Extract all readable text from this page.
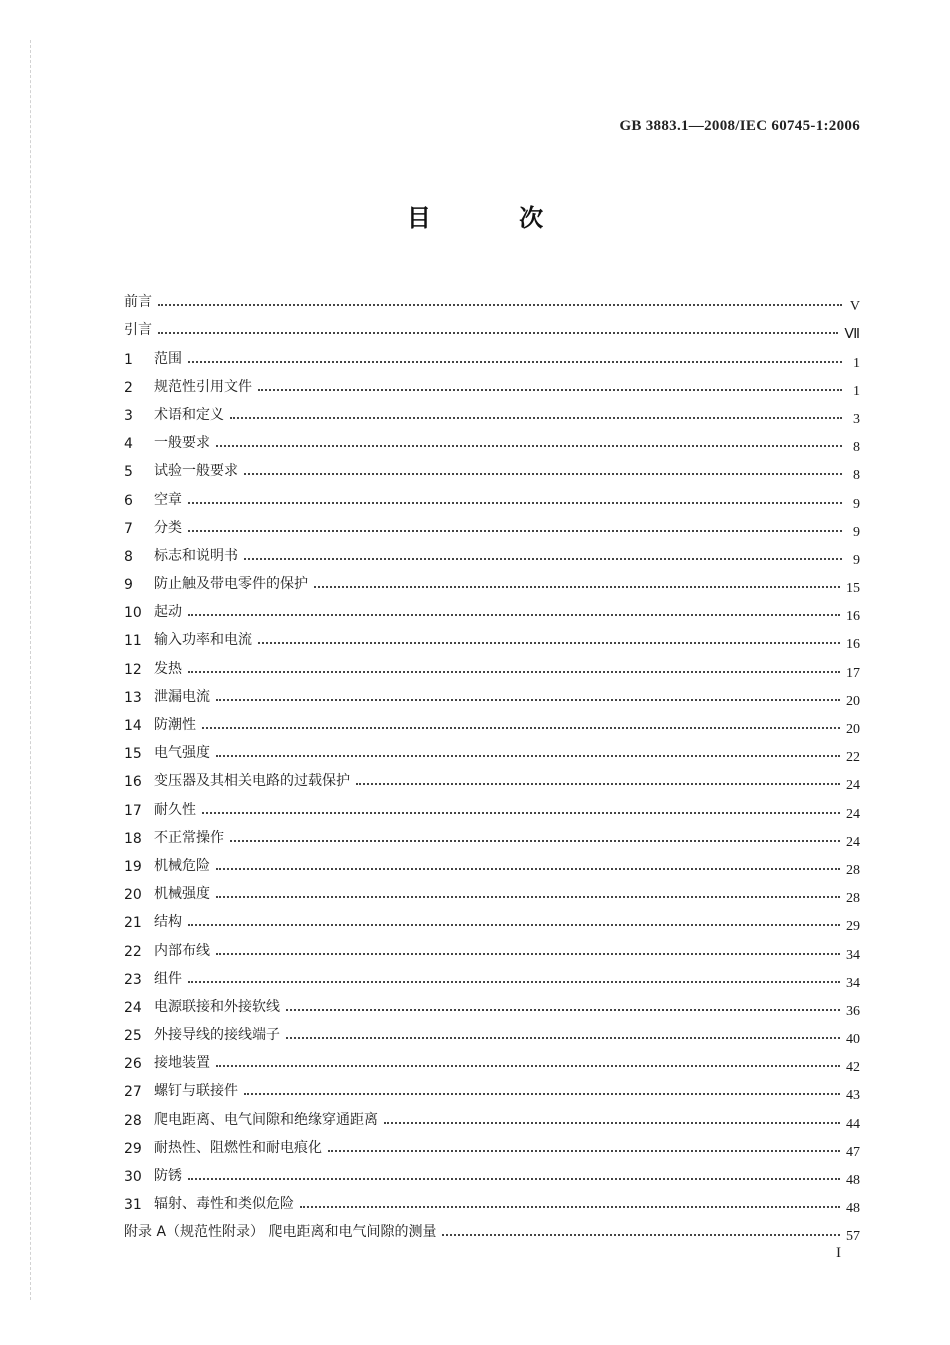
GB 3883.1—2008/IEC 60745-1:2006
目 次
前言	V
引言	Ⅶ
1	范围	1
2	规范性引用文件	1
3	术语和定义	3
4	一般要求	8
5	试验一般要求	8
6	空章	9
7	分类	9
8	标志和说明书	9
9	防止触及带电零件的保护	15
10 起动	16
11 输入功率和电流	16
12 发热	17
13 泄漏电流	20
14 防潮性	20
15 电气强度	22
16 变压器及其相关电路的过载保护	24
17 耐久性	24
18 不正常操作	24
19 机械危险	28
20 机械强度	28
21 结构	29
22 内部布线	34
23 组件	34
24 电源联接和外接软线	36
25 外接导线的接线端子	40
26 接地装置	42
27 螺钉与联接件	43
28 爬电距离、电气间隙和绝缘穿通距离	44
29 耐热性、阻燃性和耐电痕化	47
30 防锈	48
31 辐射、毒性和类似危险	48
附录 A（规范性附录） 爬电距离和电气间隙的测量	57
I
